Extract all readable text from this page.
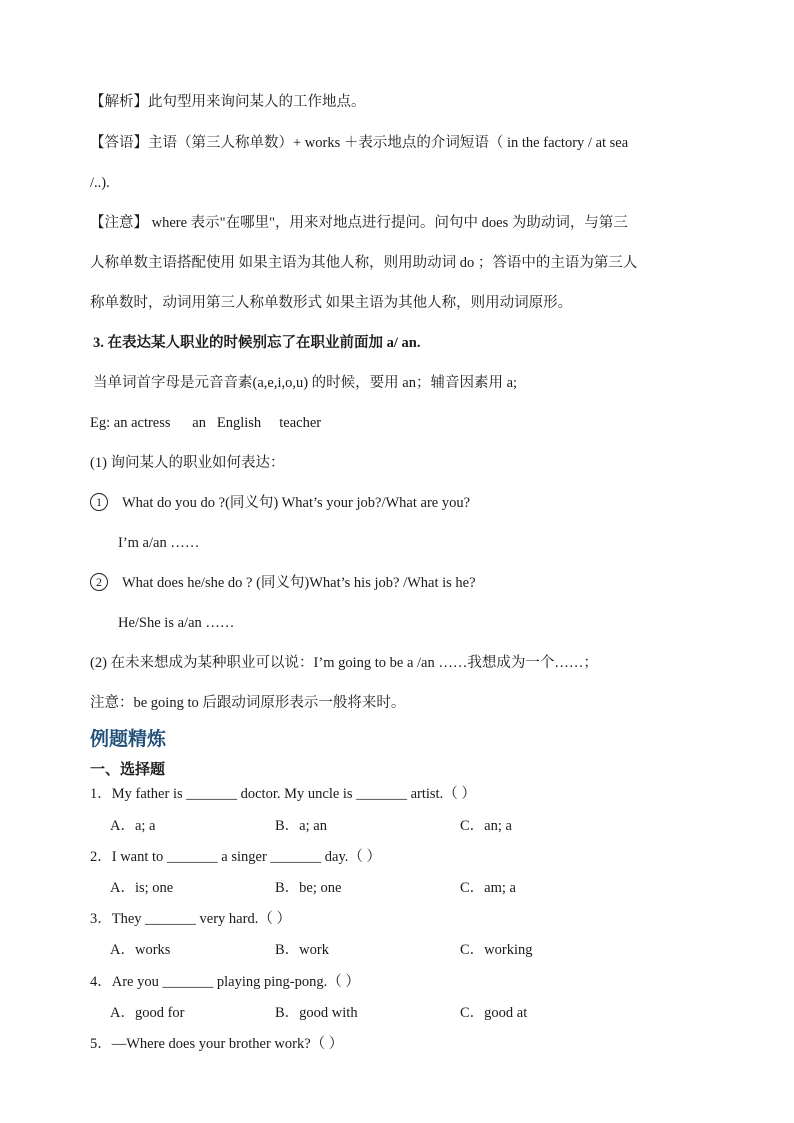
【解析】此句型用来询问某人的工作地点。
【答语】主语（第三人称单数）+ works ＋表示地点的介词短语（ in the factory / at sea
/..).
【注意】 where 表示"在哪里"，用来对地点进行提问。问句中 does 为助动词，与第三
人称单数主语搭配使用 如果主语为其他人称，则用助动词 do ；答语中的主语为第三人
称单数时，动词用第三人称单数形式 如果主语为其他人称，则用动词原形。
3. 在表达某人职业的时候别忘了在职业前面加 a/ an.
当单词首字母是元音音素(a,e,i,o,u) 的时候，要用 an；辅音因素用 a;
Eg: an actress      an   English     teacher
(1) 询问某人的职业如何表达：
1 What do you do ?(同义句) What’s your job?/What are you?
I’m a/an ……
2 What does he/she do ? (同义句)What’s his job? /What is he?
He/She is a/an ……
(2) 在未来想成为某种职业可以说：I’m going to be a /an ……我想成为一个……；
注意：be going to 后跟动词原形表示一般将来时。
例题精炼
一、选择题
1．My father is _______ doctor. My uncle is _______ artist.（ ）
A．a; a	B．a; an	C．an; a
2．I want to _______ a singer _______ day.（ ）
A．is; one	B．be; one	C．am; a
3．They _______ very hard.（ ）
A．works	B．work	C．working
4．Are you _______ playing ping-pong.（ ）
A．good for	B．good with	C．good at
5．—Where does your brother work?（ ）
